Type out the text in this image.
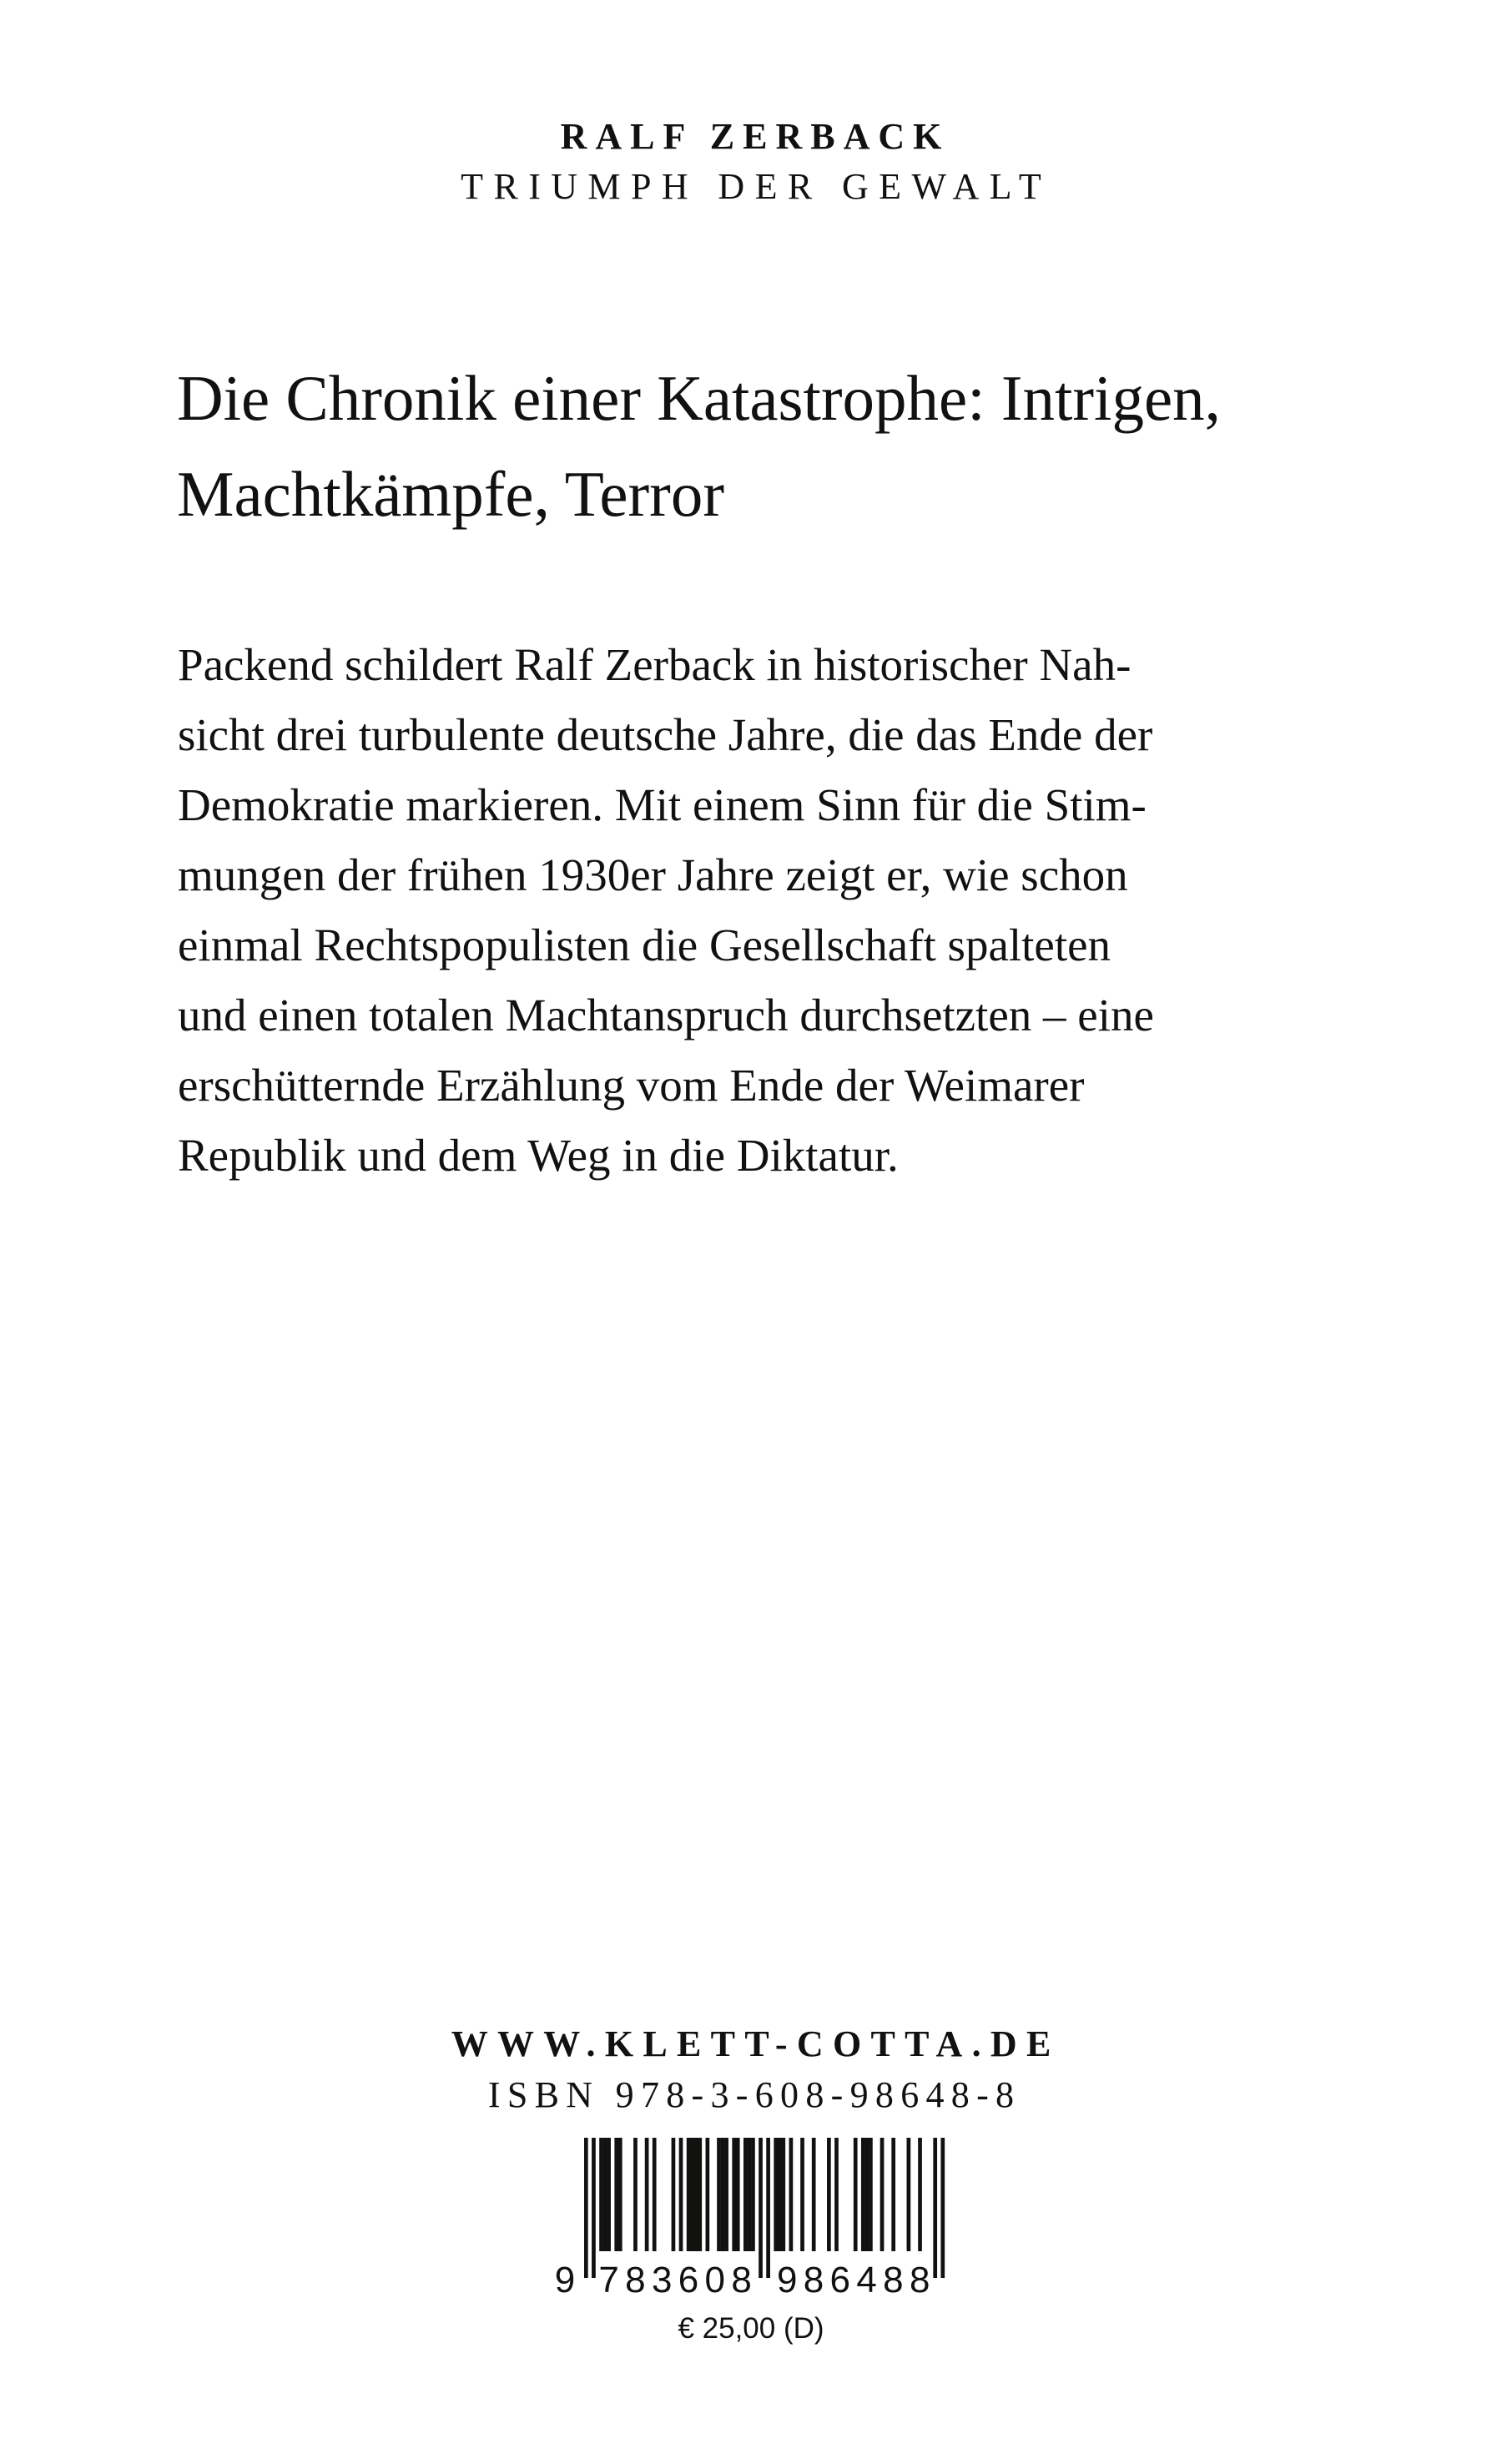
RALF ZERBACK
TRIUMPH DER GEWALT
Die Chronik einer Katastrophe: Intrigen,
Machtkämpfe, Terror
Packend schildert Ralf Zerback in historischer Nah-
sicht drei turbulente deutsche Jahre, die das Ende der
Demokratie markieren. Mit einem Sinn für die Stim-
mungen der frühen 1930er Jahre zeigt er, wie schon
einmal Rechtspopulisten die Gesellschaft spalteten
und einen totalen Machtanspruch durchsetzten – eine
erschütternde Erzählung vom Ende der Weimarer
Republik und dem Weg in die Diktatur.
WWW.KLETT-COTTA.DE
ISBN 978-3-608-98648-8
9 7 8 3 6 0 8 9 8 6 4 8 8
€ 25,00 (D)
